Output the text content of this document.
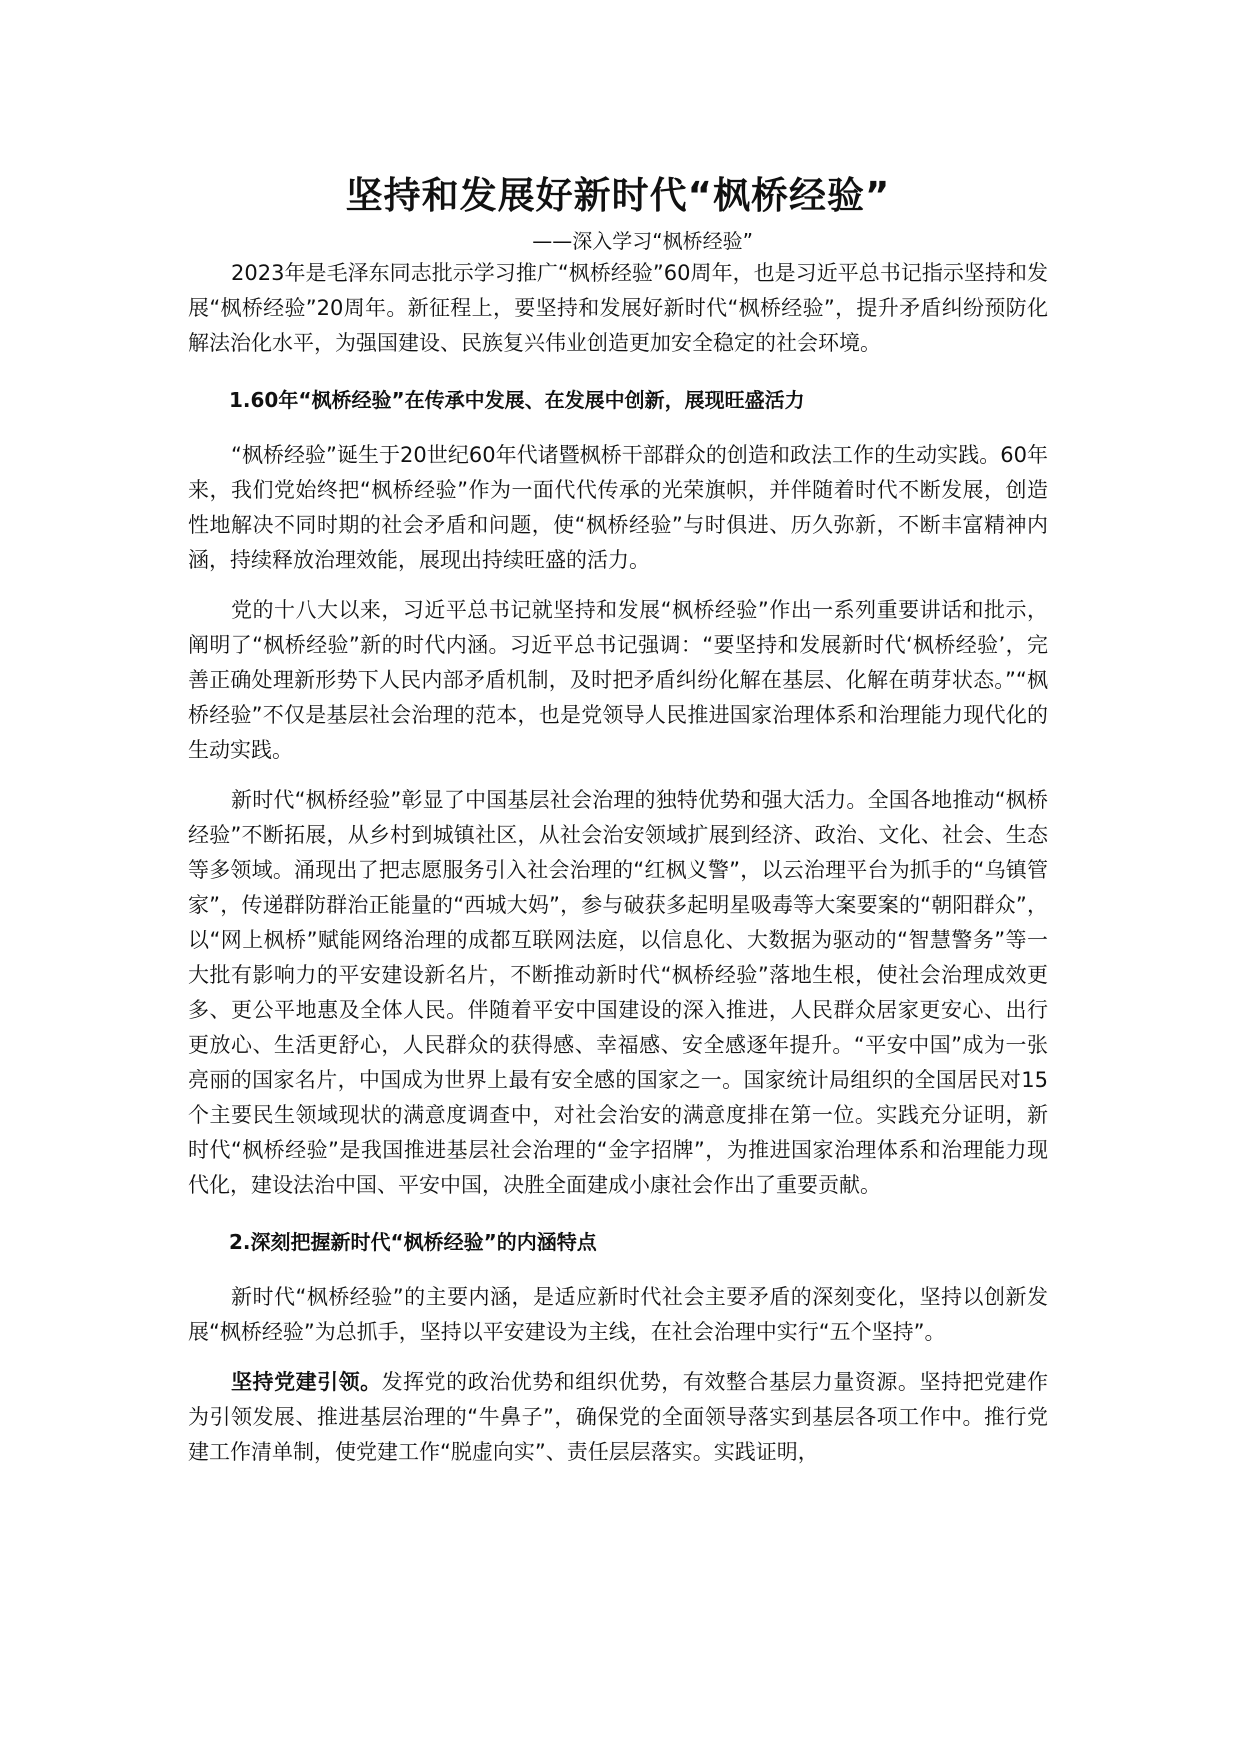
坚持和发展好新时代“枫桥经验”
——深入学习“枫桥经验”

2023年是毛泽东同志批示学习推广“枫桥经验”60周年，也是习近平总书记指示坚持和发展“枫桥经验”20周年。新征程上，要坚持和发展好新时代“枫桥经验”，提升矛盾纠纷预防化解法治化水平，为强国建设、民族复兴伟业创造更加安全稳定的社会环境。

1.60年“枫桥经验”在传承中发展、在发展中创新，展现旺盛活力

“枫桥经验”诞生于20世纪60年代诸暨枫桥干部群众的创造和政法工作的生动实践。60年来，我们党始终把“枫桥经验”作为一面代代传承的光荣旗帜，并伴随着时代不断发展，创造性地解决不同时期的社会矛盾和问题，使“枫桥经验”与时俱进、历久弥新，不断丰富精神内涵，持续释放治理效能，展现出持续旺盛的活力。

党的十八大以来，习近平总书记就坚持和发展“枫桥经验”作出一系列重要讲话和批示，阐明了“枫桥经验”新的时代内涵。习近平总书记强调：“要坚持和发展新时代‘枫桥经验’，完善正确处理新形势下人民内部矛盾机制，及时把矛盾纠纷化解在基层、化解在萌芽状态。”“枫桥经验”不仅是基层社会治理的范本，也是党领导人民推进国家治理体系和治理能力现代化的生动实践。

新时代“枫桥经验”彰显了中国基层社会治理的独特优势和强大活力。全国各地推动“枫桥经验”不断拓展，从乡村到城镇社区，从社会治安领域扩展到经济、政治、文化、社会、生态等多领域。涌现出了把志愿服务引入社会治理的“红枫义警”，以云治理平台为抓手的“乌镇管家”，传递群防群治正能量的“西城大妈”，参与破获多起明星吸毒等大案要案的“朝阳群众”，以“网上枫桥”赋能网络治理的成都互联网法庭，以信息化、大数据为驱动的“智慧警务”等一大批有影响力的平安建设新名片，不断推动新时代“枫桥经验”落地生根，使社会治理成效更多、更公平地惠及全体人民。伴随着平安中国建设的深入推进，人民群众居家更安心、出行更放心、生活更舒心，人民群众的获得感、幸福感、安全感逐年提升。“平安中国”成为一张亮丽的国家名片，中国成为世界上最有安全感的国家之一。国家统计局组织的全国居民对15个主要民生领域现状的满意度调查中，对社会治安的满意度排在第一位。实践充分证明，新时代“枫桥经验”是我国推进基层社会治理的“金字招牌”，为推进国家治理体系和治理能力现代化，建设法治中国、平安中国，决胜全面建成小康社会作出了重要贡献。

2.深刻把握新时代“枫桥经验”的内涵特点

新时代“枫桥经验”的主要内涵，是适应新时代社会主要矛盾的深刻变化，坚持以创新发展“枫桥经验”为总抓手，坚持以平安建设为主线，在社会治理中实行“五个坚持”。

坚持党建引领。发挥党的政治优势和组织优势，有效整合基层力量资源。坚持把党建作为引领发展、推进基层治理的“牛鼻子”，确保党的全面领导落实到基层各项工作中。推行党建工作清单制，使党建工作“脱虚向实”、责任层层落实。实践证明，
